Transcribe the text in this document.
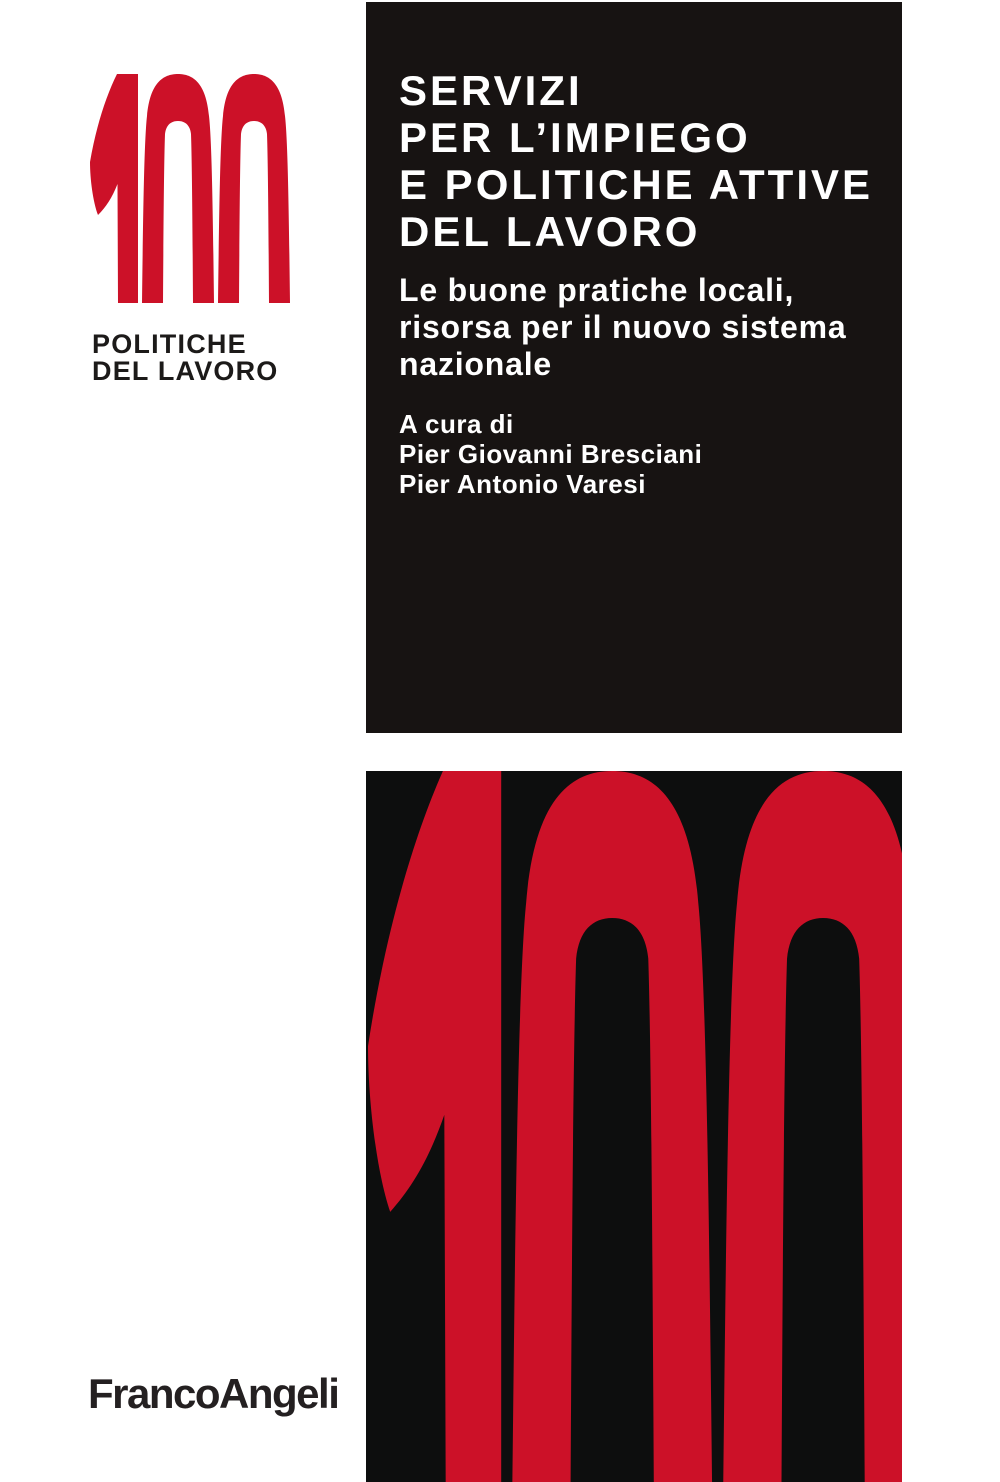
POLITICHE
DEL LAVORO
SERVIZI
PER L’IMPIEGO
E POLITICHE ATTIVE
DEL LAVORO
Le buone pratiche locali,
risorsa per il nuovo sistema
nazionale
A cura di
Pier Giovanni Bresciani
Pier Antonio Varesi
FrancoAngeli
